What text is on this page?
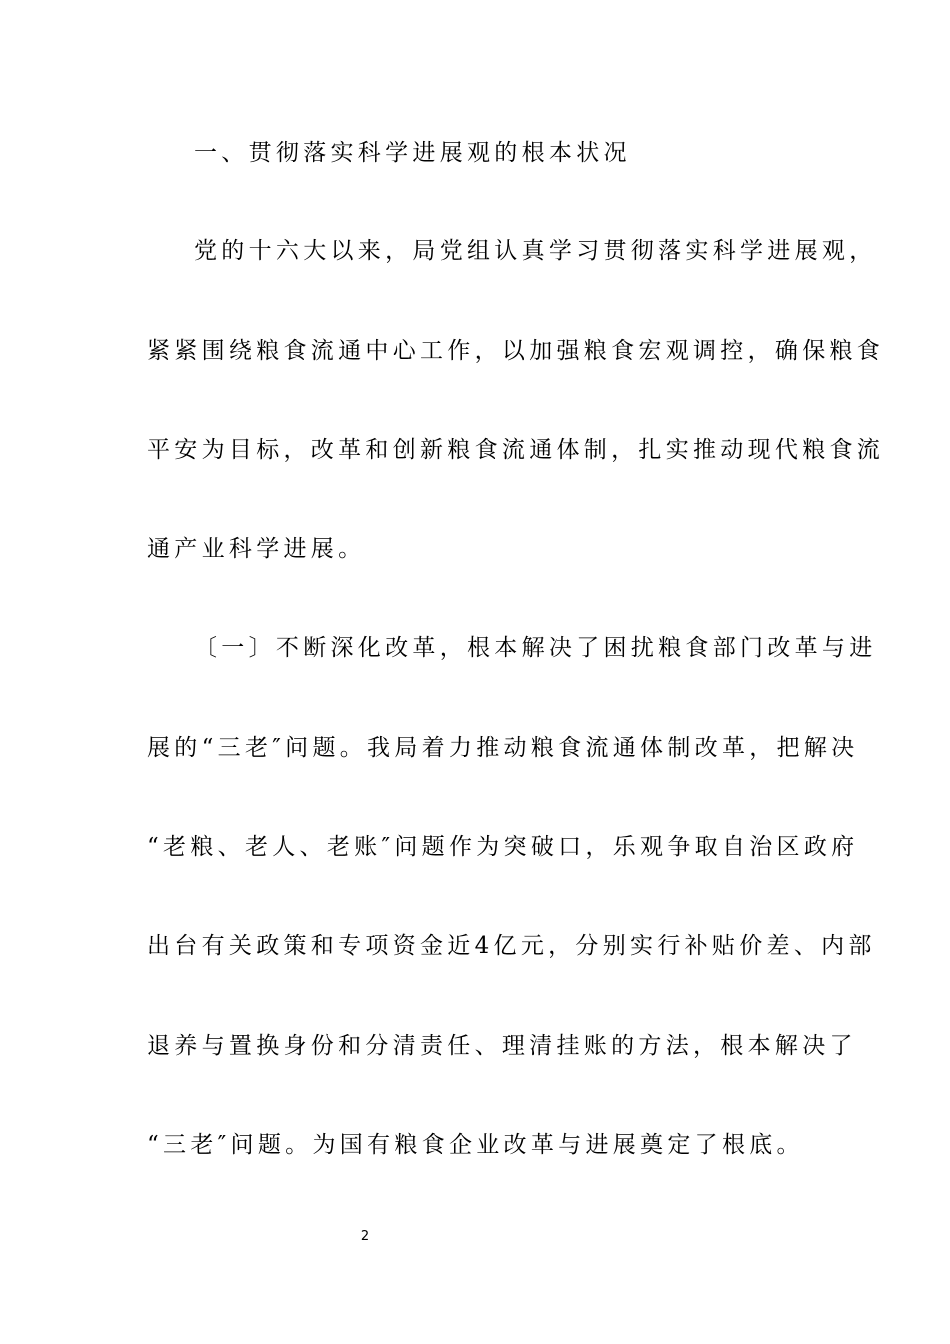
一、贯彻落实科学进展观的根本状况
党的十六大以来，局党组认真学习贯彻落实科学进展观，
紧紧围绕粮食流通中心工作，以加强粮食宏观调控，确保粮食
平安为目标，改革和创新粮食流通体制，扎实推动现代粮食流
通产业科学进展。
〔一〕不断深化改革，根本解决了困扰粮食部门改革与进
展的“三老″问题。我局着力推动粮食流通体制改革，把解决
“老粮、老人、老账″问题作为突破口，乐观争取自治区政府
出台有关政策和专项资金近4亿元，分别实行补贴价差、内部
退养与置换身份和分清责任、理清挂账的方法，根本解决了
“三老″问题。为国有粮食企业改革与进展奠定了根底。
2
